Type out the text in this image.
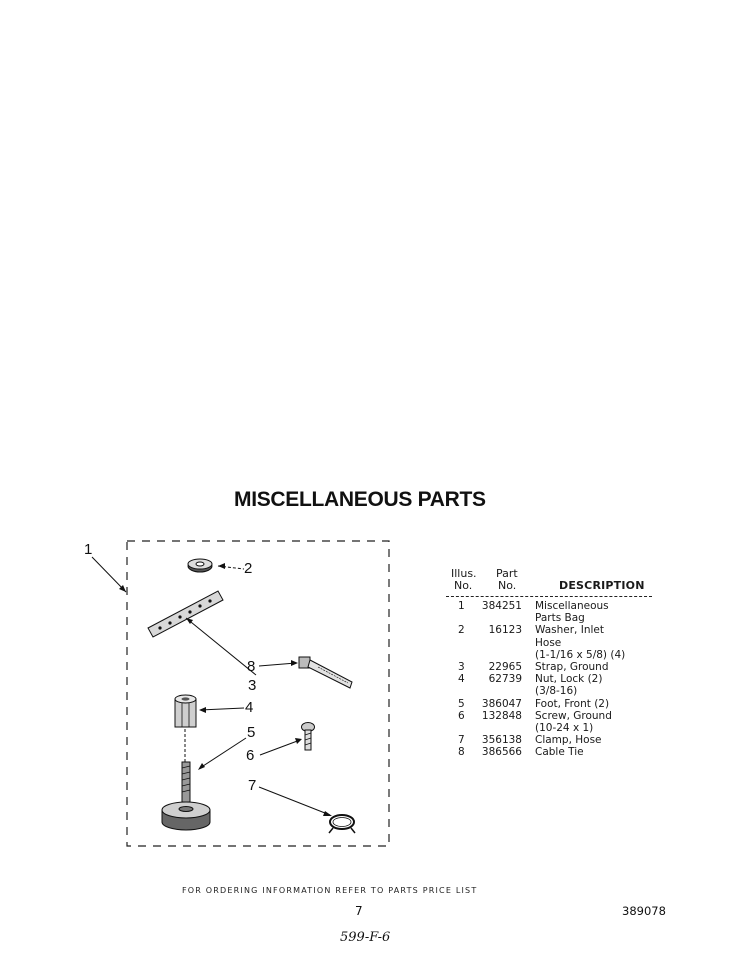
MISCELLANEOUS PARTS
1
2
8
3
4
5
6
7
Illus.
No.
Part
No.	DESCRIPTION
1	384251 Miscellaneous
Parts Bag
2	16123 Washer, Inlet
Hose
(1-1/16 x 5/8) (4)
3	22965 Strap, Ground
4	62739 Nut, Lock (2)
(3/8-16)
5	386047 Foot, Front (2)
6	132848 Screw, Ground
(10-24 x 1)
7	356138 Clamp, Hose
8	386566 Cable Tie
FOR ORDERING INFORMATION REFER TO PARTS PRICE LIST
7	389078
599-F-6
